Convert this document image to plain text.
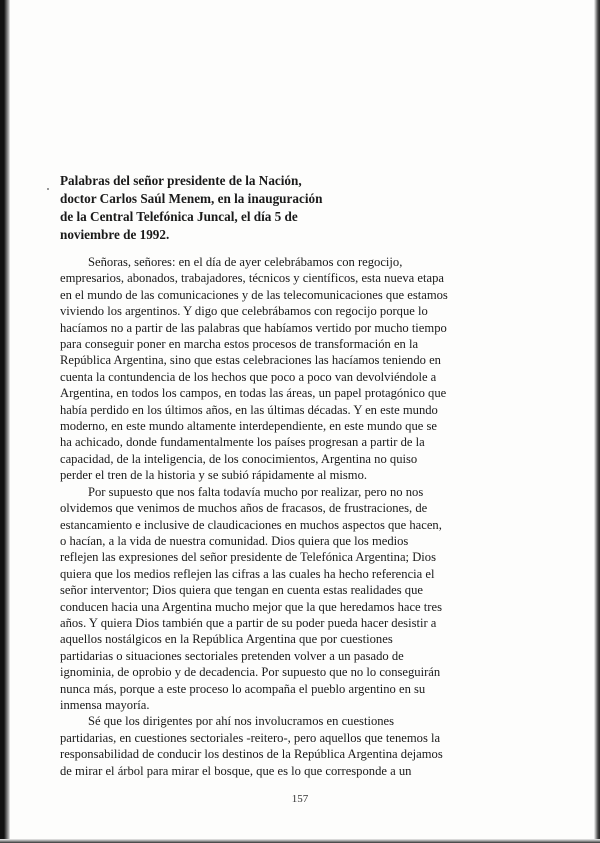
Palabras del señor presidente de la Nación,
doctor Carlos Saúl Menem, en la inauguración
de la Central Telefónica Juncal, el día 5 de
noviembre de 1992.
Señoras, señores: en el día de ayer celebrábamos con regocijo,
empresarios, abonados, trabajadores, técnicos y científicos, esta nueva etapa
en el mundo de las comunicaciones y de las telecomunicaciones que estamos
viviendo los argentinos. Y digo que celebrábamos con regocijo porque lo
hacíamos no a partir de las palabras que habíamos vertido por mucho tiempo
para conseguir poner en marcha estos procesos de transformación en la
República Argentina, sino que estas celebraciones las hacíamos teniendo en
cuenta la contundencia de los hechos que poco a poco van devolviéndole a
Argentina, en todos los campos, en todas las áreas, un papel protagónico que
había perdido en los últimos años, en las últimas décadas. Y en este mundo
moderno, en este mundo altamente interdependiente, en este mundo que se
ha achicado, donde fundamentalmente los países progresan a partir de la
capacidad, de la inteligencia, de los conocimientos, Argentina no quiso
perder el tren de la historia y se subió rápidamente al mismo.
Por supuesto que nos falta todavía mucho por realizar, pero no nos
olvidemos que venimos de muchos años de fracasos, de frustraciones, de
estancamiento e inclusive de claudicaciones en muchos aspectos que hacen,
o hacían, a la vida de nuestra comunidad. Dios quiera que los medios
reflejen las expresiones del señor presidente de Telefónica Argentina; Dios
quiera que los medios reflejen las cifras a las cuales ha hecho referencia el
señor interventor; Dios quiera que tengan en cuenta estas realidades que
conducen hacia una Argentina mucho mejor que la que heredamos hace tres
años. Y quiera Dios también que a partir de su poder pueda hacer desistir a
aquellos nostálgicos en la República Argentina que por cuestiones
partidarias o situaciones sectoriales pretenden volver a un pasado de
ignominia, de oprobio y de decadencia. Por supuesto que no lo conseguirán
nunca más, porque a este proceso lo acompaña el pueblo argentino en su
inmensa mayoría.
Sé que los dirigentes por ahí nos involucramos en cuestiones
partidarias, en cuestiones sectoriales -reitero-, pero aquellos que tenemos la
responsabilidad de conducir los destinos de la República Argentina dejamos
de mirar el árbol para mirar el bosque, que es lo que corresponde a un
157
